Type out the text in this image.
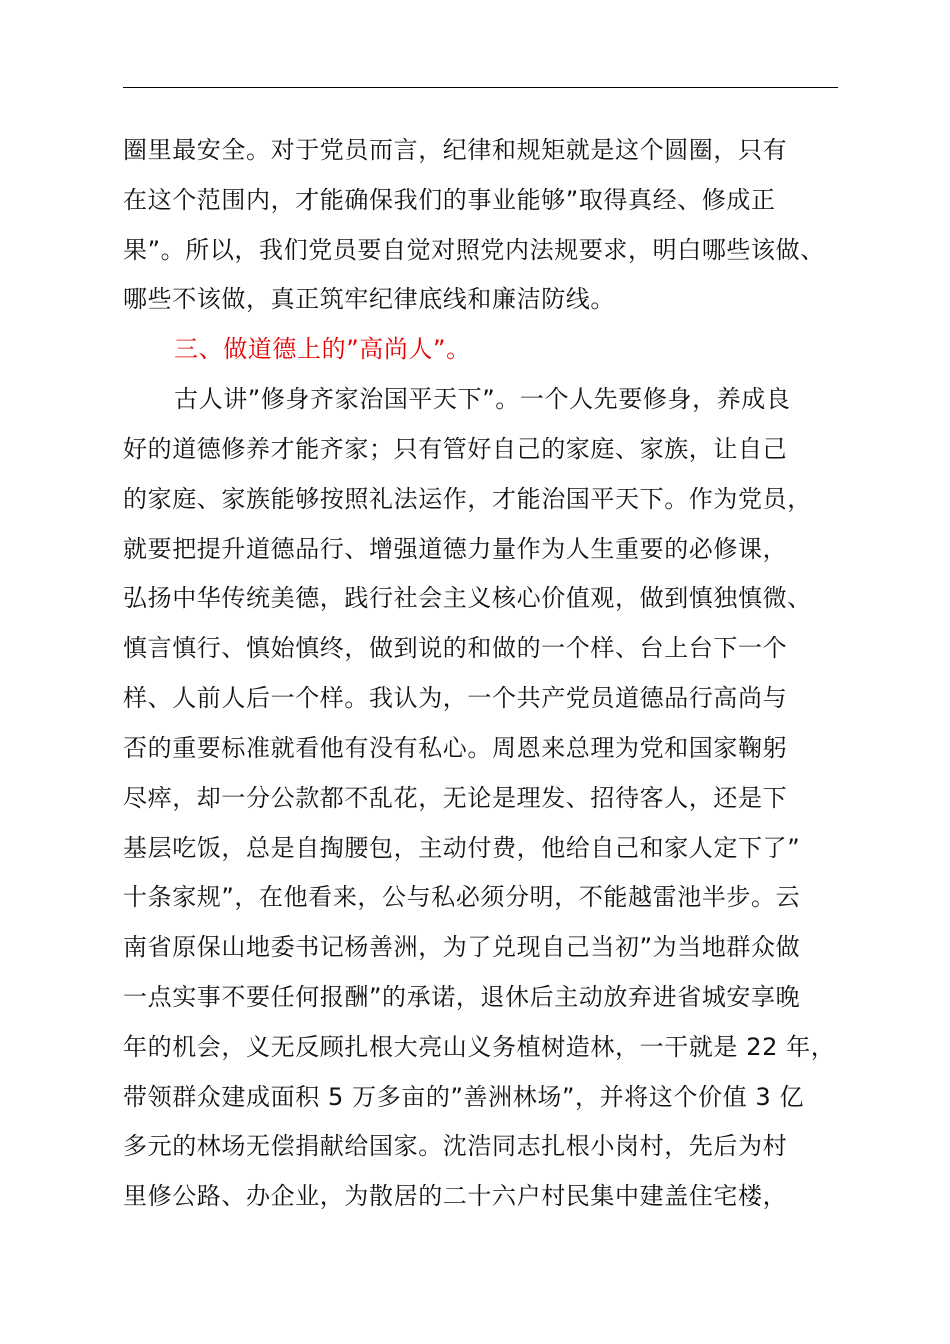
圈里最安全。对于党员而言，纪律和规矩就是这个圆圈，只有

在这个范围内，才能确保我们的事业能够”取得真经、修成正

果”。所以，我们党员要自觉对照党内法规要求，明白哪些该做、

哪些不该做，真正筑牢纪律底线和廉洁防线。

三、做道德上的”高尚人”。

古人讲”修身齐家治国平天下”。一个人先要修身，养成良

好的道德修养才能齐家；只有管好自己的家庭、家族，让自己

的家庭、家族能够按照礼法运作，才能治国平天下。作为党员，

就要把提升道德品行、增强道德力量作为人生重要的必修课，

弘扬中华传统美德，践行社会主义核心价值观，做到慎独慎微、

慎言慎行、慎始慎终，做到说的和做的一个样、台上台下一个

样、人前人后一个样。我认为，一个共产党员道德品行高尚与

否的重要标准就看他有没有私心。周恩来总理为党和国家鞠躬

尽瘁，却一分公款都不乱花，无论是理发、招待客人，还是下

基层吃饭，总是自掏腰包，主动付费，他给自己和家人定下了”

十条家规”，在他看来，公与私必须分明，不能越雷池半步。云

南省原保山地委书记杨善洲，为了兑现自己当初”为当地群众做

一点实事不要任何报酬”的承诺，退休后主动放弃进省城安享晚

年的机会，义无反顾扎根大亮山义务植树造林，一干就是 22 年，

带领群众建成面积 5 万多亩的”善洲林场”，并将这个价值 3 亿

多元的林场无偿捐献给国家。沈浩同志扎根小岗村，先后为村

里修公路、办企业，为散居的二十六户村民集中建盖住宅楼，
